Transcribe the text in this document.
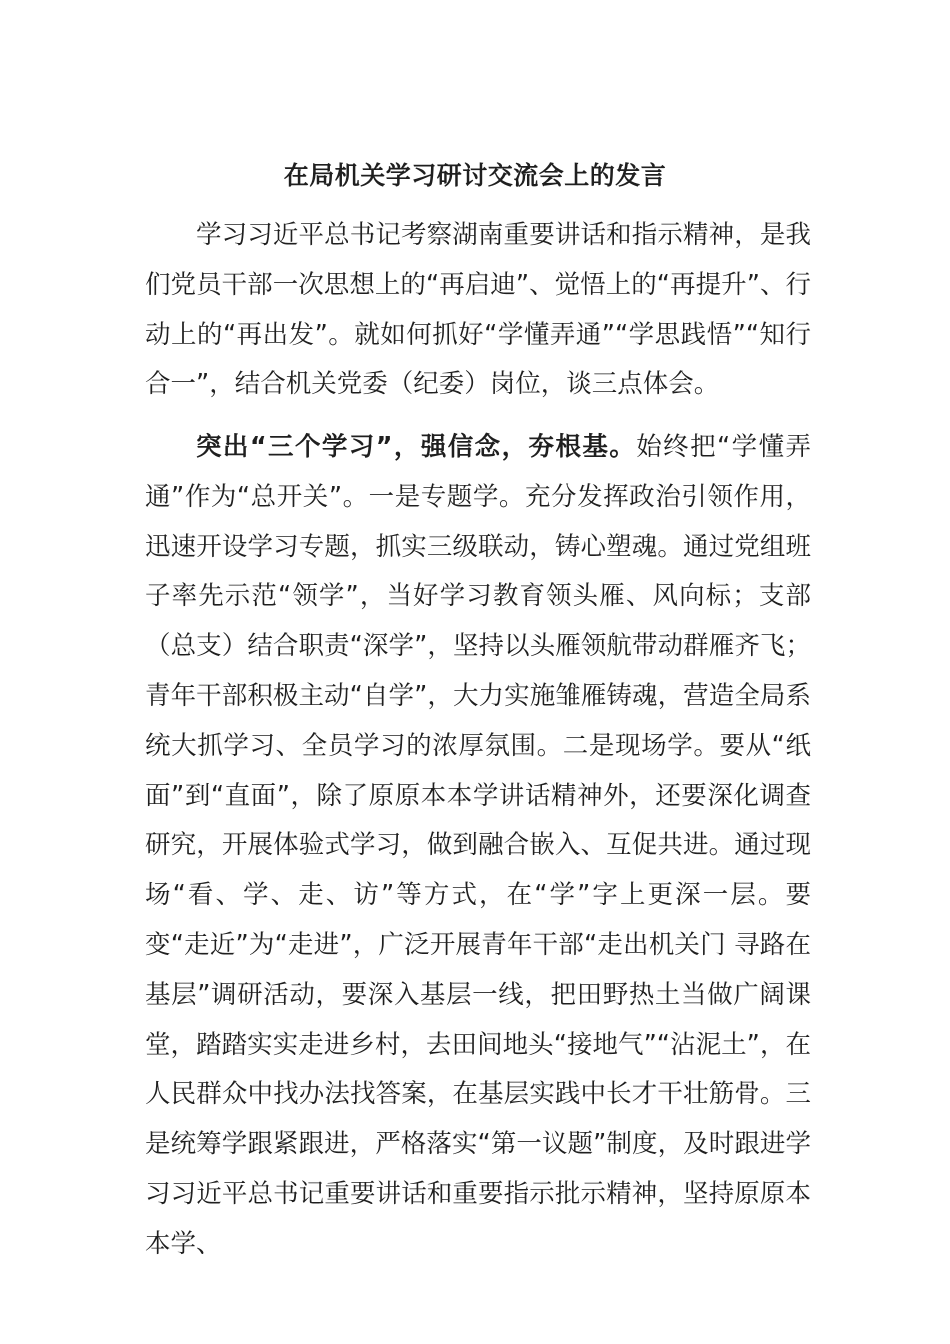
在局机关学习研讨交流会上的发言

学习习近平总书记考察湖南重要讲话和指示精神，是我们党员干部一次思想上的“再启迪”、觉悟上的“再提升”、行动上的“再出发”。就如何抓好“学懂弄通”“学思践悟”“知行合一”，结合机关党委（纪委）岗位，谈三点体会。

突出“三个学习”，强信念，夯根基。始终把“学懂弄通”作为“总开关”。一是专题学。充分发挥政治引领作用，迅速开设学习专题，抓实三级联动，铸心塑魂。通过党组班子率先示范“领学”，当好学习教育领头雁、风向标；支部（总支）结合职责“深学”，坚持以头雁领航带动群雁齐飞；青年干部积极主动“自学”，大力实施雏雁铸魂，营造全局系统大抓学习、全员学习的浓厚氛围。二是现场学。要从“纸面”到“直面”，除了原原本本学讲话精神外，还要深化调查研究，开展体验式学习，做到融合嵌入、互促共进。通过现场“看、学、走、访”等方式，在“学”字上更深一层。要变“走近”为“走进”，广泛开展青年干部“走出机关门 寻路在基层”调研活动，要深入基层一线，把田野热土当做广阔课堂，踏踏实实走进乡村，去田间地头“接地气”“沾泥土”，在人民群众中找办法找答案，在基层实践中长才干壮筋骨。三是统筹学跟紧跟进，严格落实“第一议题”制度，及时跟进学习习近平总书记重要讲话和重要指示批示精神，坚持原原本本学、
